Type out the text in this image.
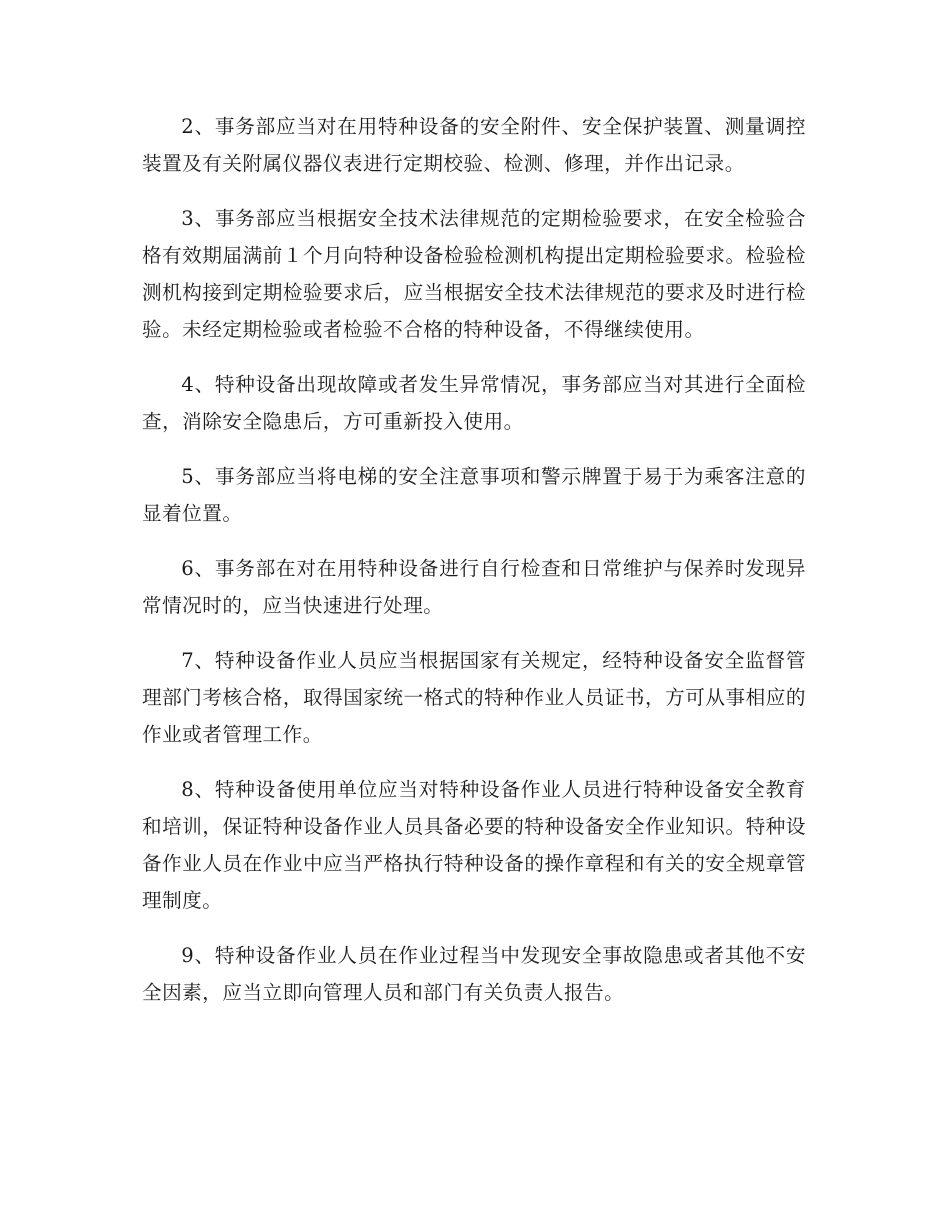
2、事务部应当对在用特种设备的安全附件、安全保护装置、测量调控装置及有关附属仪器仪表进行定期校验、检测、修理，并作出记录。

3、事务部应当根据安全技术法律规范的定期检验要求，在安全检验合格有效期届满前１个月向特种设备检验检测机构提出定期检验要求。检验检测机构接到定期检验要求后，应当根据安全技术法律规范的要求及时进行检验。未经定期检验或者检验不合格的特种设备，不得继续使用。

4、特种设备出现故障或者发生异常情况，事务部应当对其进行全面检查，消除安全隐患后，方可重新投入使用。

5、事务部应当将电梯的安全注意事项和警示牌置于易于为乘客注意的显着位置。

6、事务部在对在用特种设备进行自行检查和日常维护与保养时发现异常情况时的，应当快速进行处理。

7、特种设备作业人员应当根据国家有关规定，经特种设备安全监督管理部门考核合格，取得国家统一格式的特种作业人员证书，方可从事相应的作业或者管理工作。

8、特种设备使用单位应当对特种设备作业人员进行特种设备安全教育和培训，保证特种设备作业人员具备必要的特种设备安全作业知识。特种设备作业人员在作业中应当严格执行特种设备的操作章程和有关的安全规章管理制度。

9、特种设备作业人员在作业过程当中发现安全事故隐患或者其他不安全因素，应当立即向管理人员和部门有关负责人报告。
